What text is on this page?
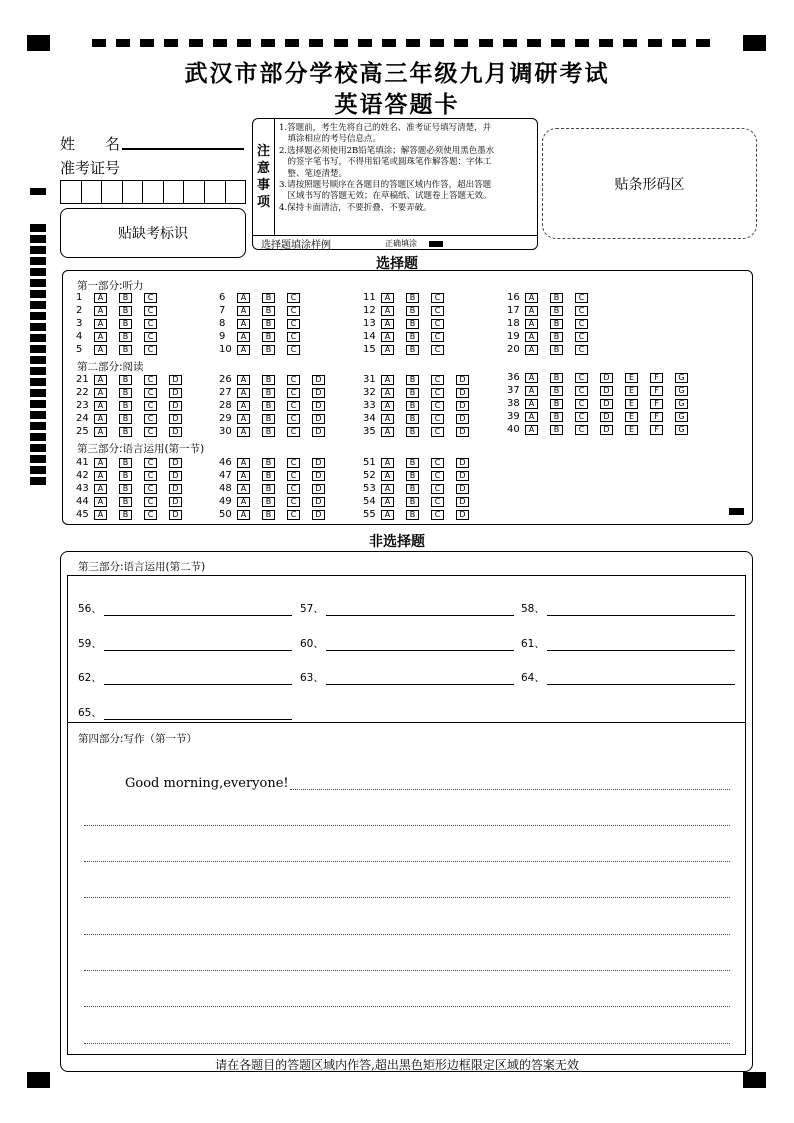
武汉市部分学校高三年级九月调研考试
英语答题卡
姓　　名
准考证号
贴缺考标识
注
意
事
项
1.答题前，考生先将自己的姓名、准考证号填写清楚，并
　填涂相应的考号信息点。
2.选择题必须使用2B铅笔填涂；解答题必须使用黑色墨水
　的签字笔书写，不得用铅笔或圆珠笔作解答题：字体工
　整、笔迹清楚。
3.请按照题号顺序在各题目的答题区域内作答，超出答题
　区域书写的答题无效；在草稿纸、试题卷上答题无效。
4.保持卡面清洁，不要折叠、不要弄破。
选择题填涂样例	正确填涂
贴条形码区
选择题
第一部分:听力
第二部分:阅读
第三部分:语言运用(第一节)
1	A	B	C
2	A	B	C
3	A	B	C
4	A	B	C
5	A	B	C
6	A	B	C
7	A	B	C
8	A	B	C
9	A	B	C
10	A	B	C
11	A	B	C
12	A	B	C
13	A	B	C
14	A	B	C
15	A	B	C
16	A	B	C
17	A	B	C
18	A	B	C
19	A	B	C
20	A	B	C
21	A	B	C	D
22	A	B	C	D
23	A	B	C	D
24	A	B	C	D
25	A	B	C	D
26	A	B	C	D
27	A	B	C	D
28	A	B	C	D
29	A	B	C	D
30	A	B	C	D
31	A	B	C	D
32	A	B	C	D
33	A	B	C	D
34	A	B	C	D
35	A	B	C	D
36	A	B	C	D	E	F	G
37	A	B	C	D	E	F	G
38	A	B	C	D	E	F	G
39	A	B	C	D	E	F	G
40	A	B	C	D	E	F	G
41	A	B	C	D
42	A	B	C	D
43	A	B	C	D
44	A	B	C	D
45	A	B	C	D
46	A	B	C	D
47	A	B	C	D
48	A	B	C	D
49	A	B	C	D
50	A	B	C	D
51	A	B	C	D
52	A	B	C	D
53	A	B	C	D
54	A	B	C	D
55	A	B	C	D
非选择题
第三部分:语言运用(第二节)
56、	57、	58、
59、	60、	61、
62、	63、	64、
65、
第四部分:写作（第一节）
Good morning,everyone!
请在各题目的答题区域内作答,超出黑色矩形边框限定区域的答案无效
